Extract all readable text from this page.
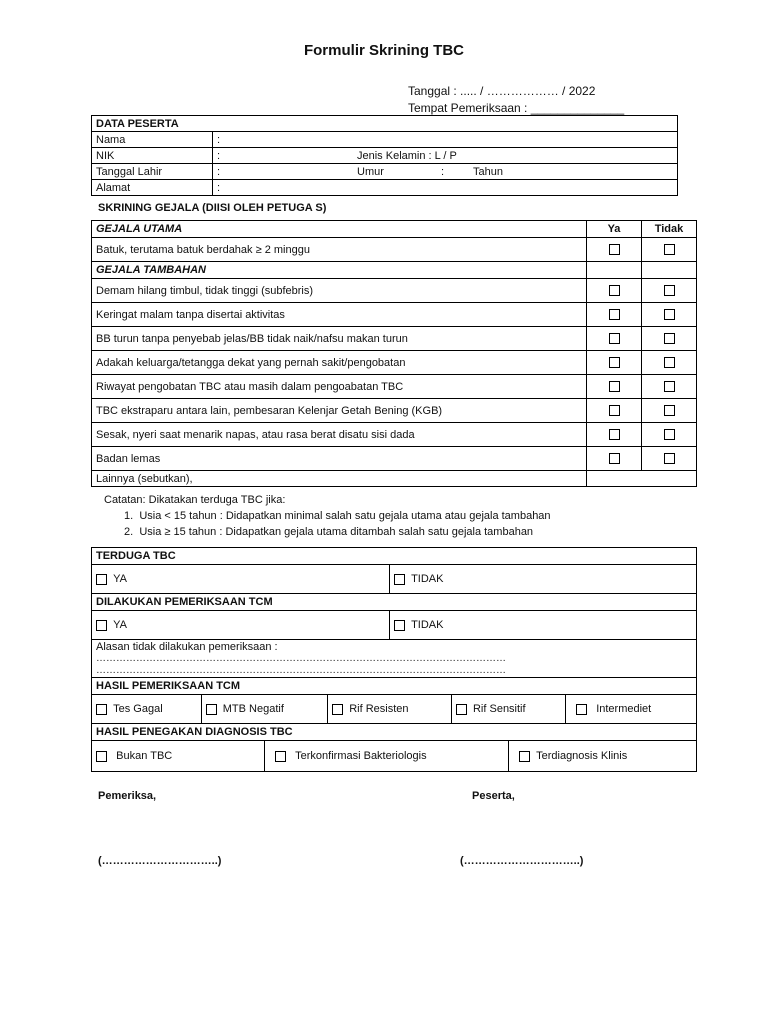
Formulir Skrining TBC
Tanggal : ..... / ……………… / 2022
Tempat Pemeriksaan : ______________
DATA PESERTA				
Nama	:			
NIK	:	Jenis Kelamin : L / P		
Tanggal Lahir	:	Umur	:	Tahun
Alamat	:			
SKRINING GEJALA (DIISI OLEH PETUGA S)
GEJALA UTAMA	Ya	Tidak
Batuk, terutama batuk berdahak ≥ 2 minggu		
GEJALA TAMBAHAN		
Demam hilang timbul, tidak tinggi (subfebris)		
Keringat malam tanpa disertai aktivitas		
BB turun tanpa penyebab jelas/BB tidak naik/nafsu makan turun		
Adakah keluarga/tetangga dekat yang pernah sakit/pengobatan		
Riwayat pengobatan TBC atau masih dalam pengoabatan TBC		
TBC ekstraparu antara lain, pembesaran Kelenjar Getah Bening (KGB)		
Sesak, nyeri saat menarik napas, atau rasa berat disatu sisi dada		
Badan lemas		
Lainnya (sebutkan),		
Catatan: Dikatakan terduga TBC jika:
1. Usia < 15 tahun : Didapatkan minimal salah satu gejala utama atau gejala tambahan
2. Usia ≥ 15 tahun : Didapatkan gejala utama ditambah salah satu gejala tambahan
TERDUGA TBC							
YA				TIDAK			
DILAKUKAN PEMERIKSAAN TCM							
YA				TIDAK			

Alasan tidak dilakukan pemeriksaan :
……………………………………………………………………………………………………………
……………………………………………………………………………………………………………							

HASIL PEMERIKSAAN TCM							
Tes Gagal	MTB Negatif		Rif Resisten		Rif Sensitif		Intermediet
HASIL PENEGAKAN DIAGNOSIS TBC							
Bukan TBC		Terkonfirmasi Bakteriologis				Terdiagnosis Klinis	
Pemeriksa,	Peserta,
(…………………………..)	(…………………………..)
